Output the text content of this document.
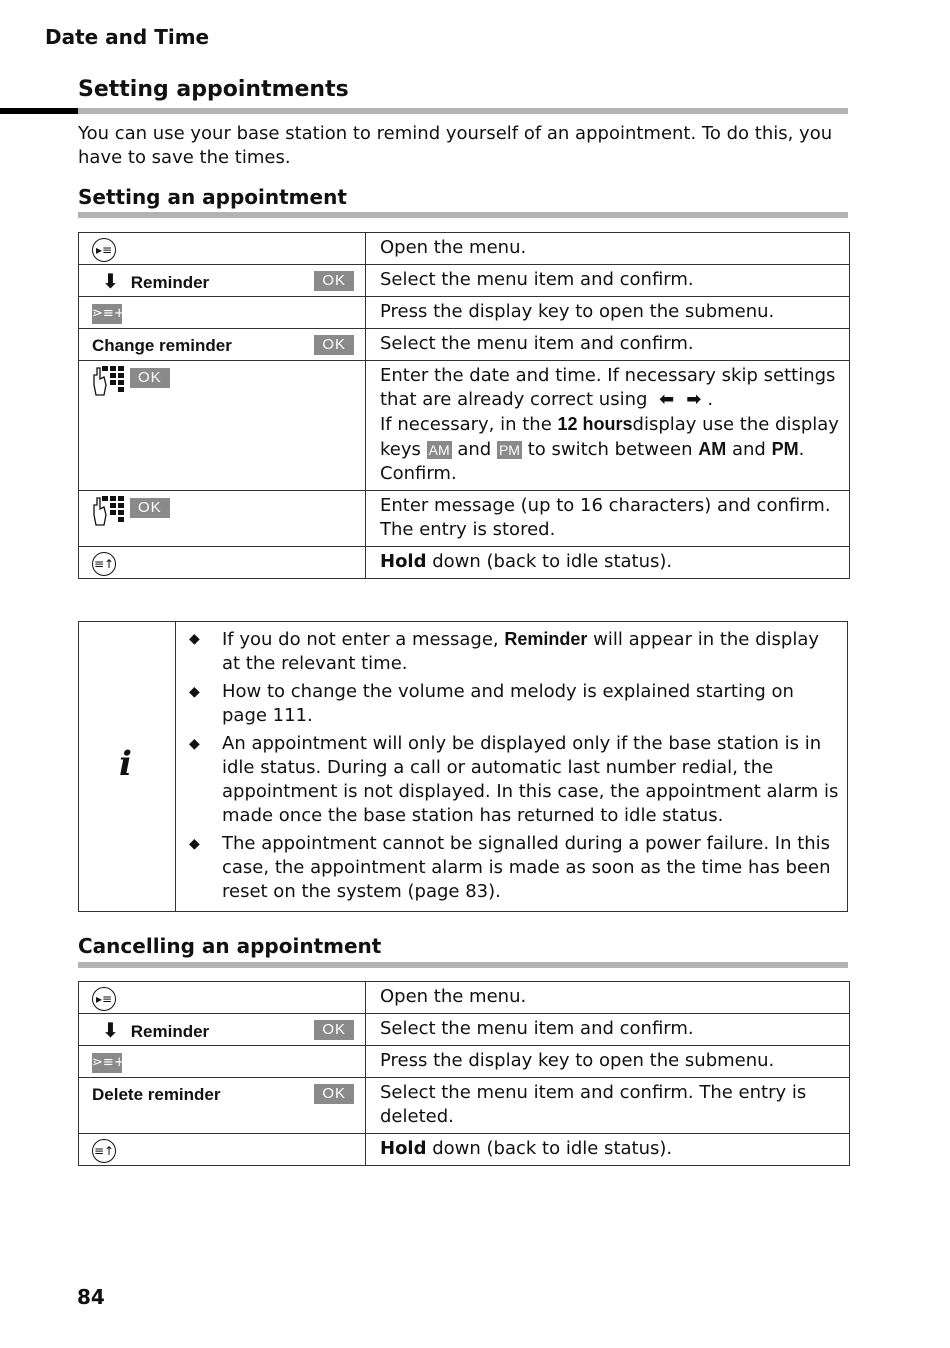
Date and Time
Setting appointments
You can use your base station to remind yourself of an appointment. To do this, you have to save the times.
Setting an appointment
▸≡	Open the menu.
⬇ Reminder OK	Select the menu item and confirm.
⋗≡+	Press the display key to open the submenu.
Change reminder OK	Select the menu item and confirm.
OK	Enter the date and time. If necessary skip settings that are already correct using ⬅ ➡ .
If necessary, in the 12 hoursdisplay use the display keys AM and PM to switch between AM and PM.
Confirm.
OK	Enter message (up to 16 characters) and confirm. The entry is stored.
≡↑	Hold down (back to idle status).
i
◆ If you do not enter a message, Reminder will appear in the display at the relevant time.
◆ How to change the volume and melody is explained starting on page 111.
◆ An appointment will only be displayed only if the base station is in idle status. During a call or automatic last number redial, the appointment is not displayed. In this case, the appointment alarm is made once the base station has returned to idle status.
◆ The appointment cannot be signalled during a power failure. In this case, the appointment alarm is made as soon as the time has been reset on the system (page 83).
Cancelling an appointment
▸≡	Open the menu.
⬇ Reminder OK	Select the menu item and confirm.
⋗≡+	Press the display key to open the submenu.
Delete reminder OK	Select the menu item and confirm. The entry is deleted.
≡↑	Hold down (back to idle status).
84
